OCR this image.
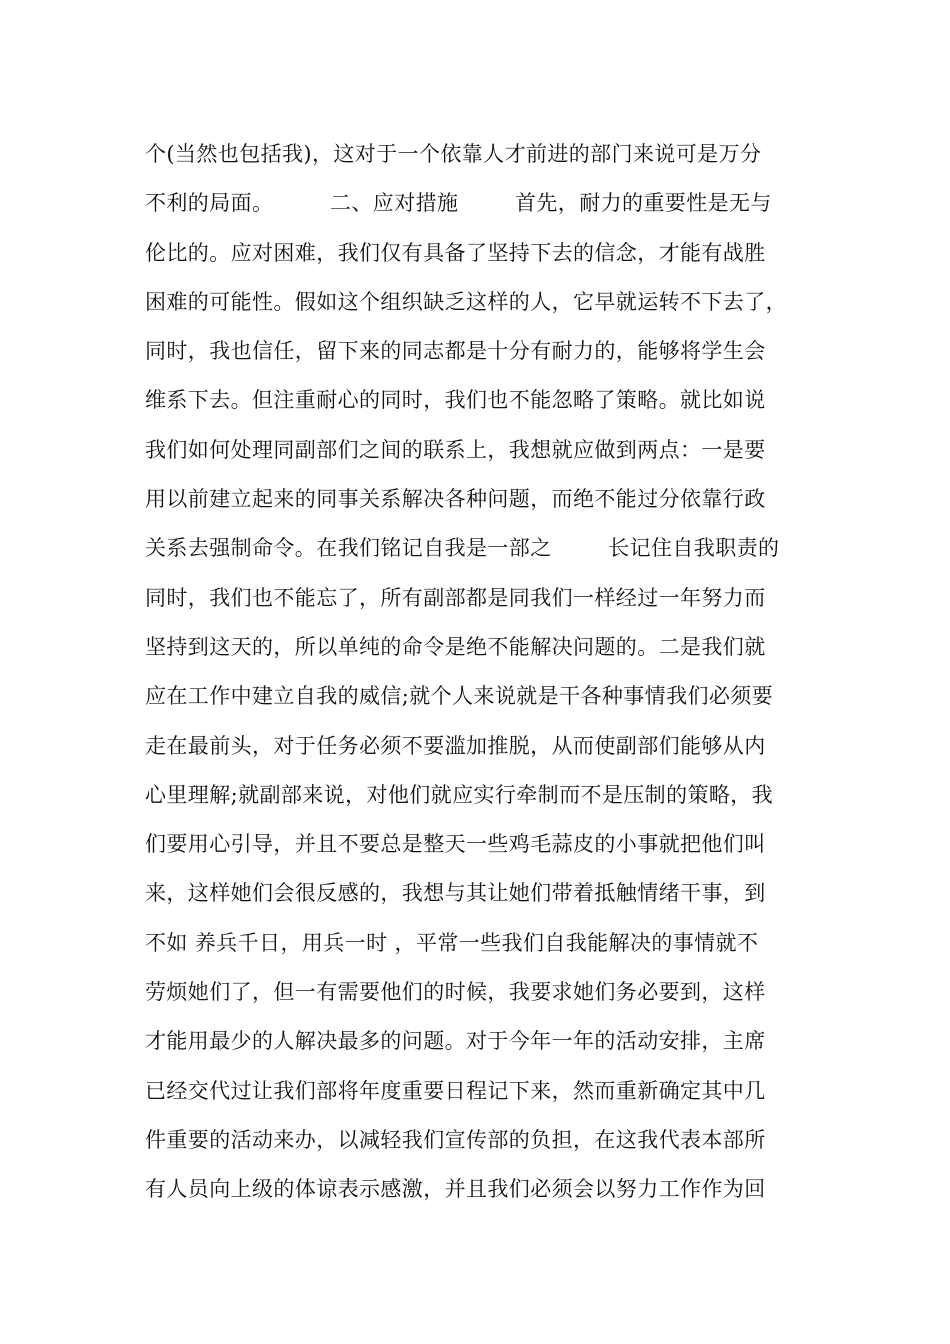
个(当然也包括我)，这对于一个依靠人才前进的部门来说可是万分
不利的局面。        二、应对措施        首先，耐力的重要性是无与
伦比的。应对困难，我们仅有具备了坚持下去的信念，才能有战胜
困难的可能性。假如这个组织缺乏这样的人，它早就运转不下去了，
同时，我也信任，留下来的同志都是十分有耐力的，能够将学生会
维系下去。但注重耐心的同时，我们也不能忽略了策略。就比如说
我们如何处理同副部们之间的联系上，我想就应做到两点：一是要
用以前建立起来的同事关系解决各种问题，而绝不能过分依靠行政
关系去强制命令。在我们铭记自我是一部之        长记住自我职责的
同时，我们也不能忘了，所有副部都是同我们一样经过一年努力而
坚持到这天的，所以单纯的命令是绝不能解决问题的。二是我们就
应在工作中建立自我的威信;就个人来说就是干各种事情我们必须要
走在最前头，对于任务必须不要滥加推脱，从而使副部们能够从内
心里理解;就副部来说，对他们就应实行牵制而不是压制的策略，我
们要用心引导，并且不要总是整天一些鸡毛蒜皮的小事就把他们叫
来，这样她们会很反感的，我想与其让她们带着抵触情绪干事，到
不如 养兵千日，用兵一时 ，平常一些我们自我能解决的事情就不
劳烦她们了，但一有需要他们的时候，我要求她们务必要到，这样
才能用最少的人解决最多的问题。对于今年一年的活动安排，主席
已经交代过让我们部将年度重要日程记下来，然而重新确定其中几
件重要的活动来办，以减轻我们宣传部的负担，在这我代表本部所
有人员向上级的体谅表示感激，并且我们必须会以努力工作作为回
